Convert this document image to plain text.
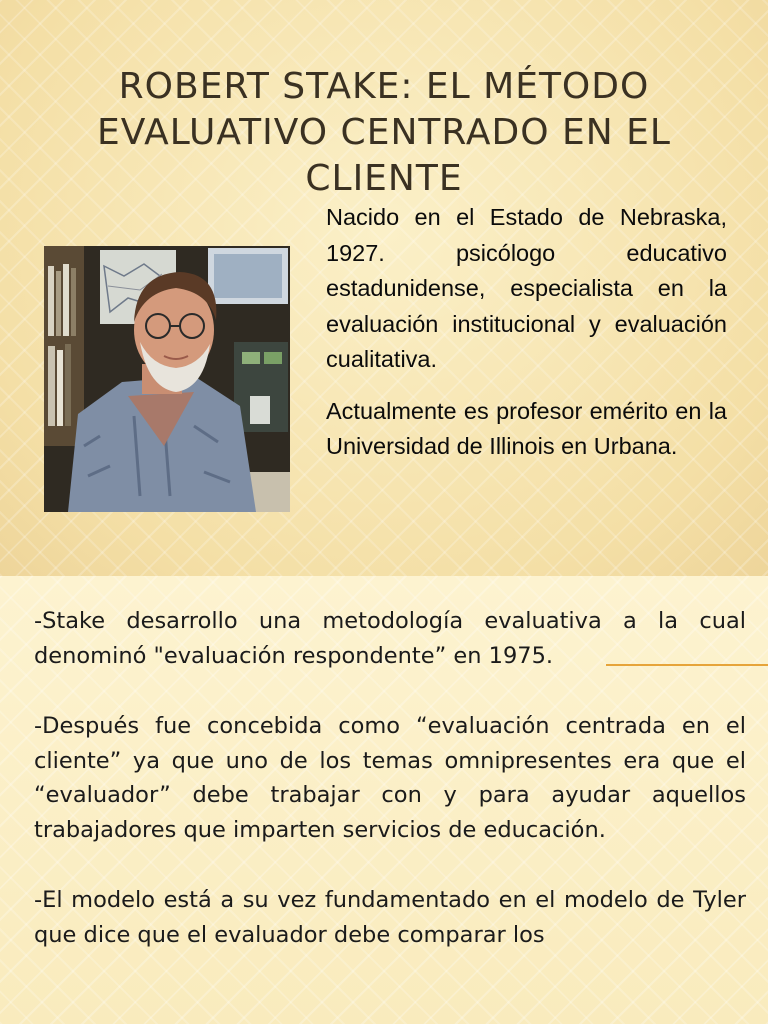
ROBERT STAKE: EL MÉTODO EVALUATIVO CENTRADO EN EL CLIENTE

Nacido en el Estado de Nebraska, 1927. psicólogo educativo estadunidense, especialista en la evaluación institucional y evaluación cualitativa.

Actualmente es profesor emérito en la Universidad de Illinois en Urbana.

-Stake desarrollo una metodología evaluativa a la cual denominó "evaluación respondente” en 1975.

-Después fue concebida como “evaluación centrada en el cliente” ya que uno de los temas omnipresentes era que el “evaluador” debe trabajar con y para ayudar aquellos trabajadores que imparten servicios de educación.

-El modelo está a su vez fundamentado en el modelo de Tyler que dice que el evaluador debe comparar los
